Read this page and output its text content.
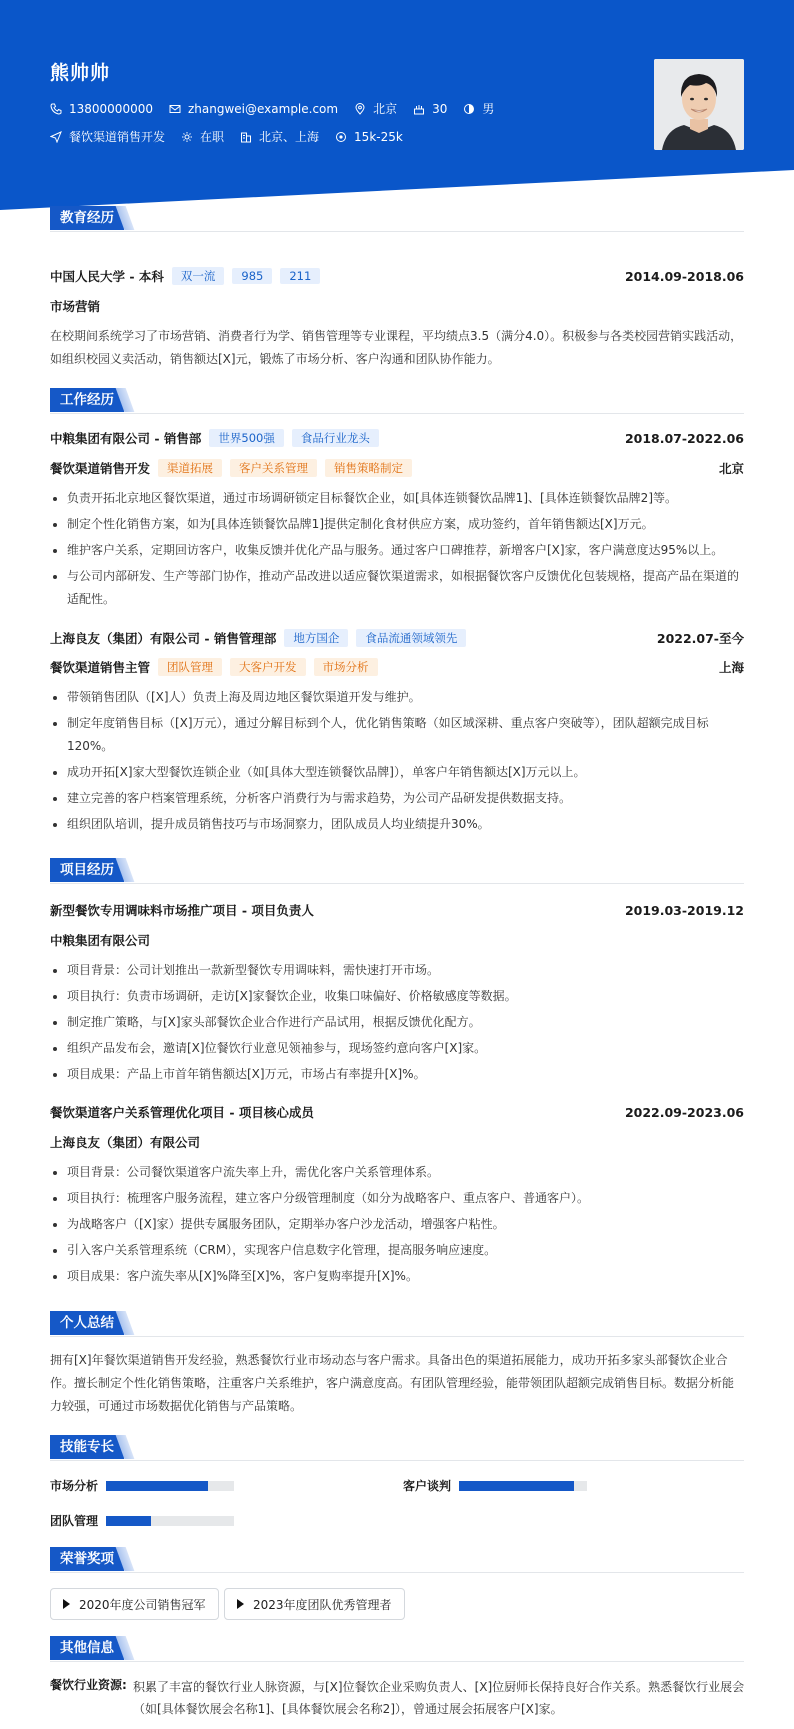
熊帅帅
13800000000	zhangwei@example.com	北京	30	男
餐饮渠道销售开发	在职	北京、上海	15k-25k
教育经历
中国人民大学 - 本科	双一流	985	211	2014.09-2018.06
市场营销
在校期间系统学习了市场营销、消费者行为学、销售管理等专业课程，平均绩点3.5（满分4.0）。积极参与各类校园营销实践活动，如组织校园义卖活动，销售额达[X]元，锻炼了市场分析、客户沟通和团队协作能力。
工作经历
中粮集团有限公司 - 销售部	世界500强	食品行业龙头	2018.07-2022.06
餐饮渠道销售开发	渠道拓展	客户关系管理	销售策略制定	北京
负责开拓北京地区餐饮渠道，通过市场调研锁定目标餐饮企业，如[具体连锁餐饮品牌1]、[具体连锁餐饮品牌2]等。
制定个性化销售方案，如为[具体连锁餐饮品牌1]提供定制化食材供应方案，成功签约，首年销售额达[X]万元。
维护客户关系，定期回访客户，收集反馈并优化产品与服务。通过客户口碑推荐，新增客户[X]家，客户满意度达95%以上。
与公司内部研发、生产等部门协作，推动产品改进以适应餐饮渠道需求，如根据餐饮客户反馈优化包装规格，提高产品在渠道的适配性。
上海良友（集团）有限公司 - 销售管理部	地方国企	食品流通领域领先	2022.07-至今
餐饮渠道销售主管	团队管理	大客户开发	市场分析	上海
带领销售团队（[X]人）负责上海及周边地区餐饮渠道开发与维护。
制定年度销售目标（[X]万元），通过分解目标到个人，优化销售策略（如区域深耕、重点客户突破等），团队超额完成目标120%。
成功开拓[X]家大型餐饮连锁企业（如[具体大型连锁餐饮品牌]），单客户年销售额达[X]万元以上。
建立完善的客户档案管理系统，分析客户消费行为与需求趋势，为公司产品研发提供数据支持。
组织团队培训，提升成员销售技巧与市场洞察力，团队成员人均业绩提升30%。
项目经历
新型餐饮专用调味料市场推广项目 - 项目负责人	2019.03-2019.12
中粮集团有限公司
项目背景：公司计划推出一款新型餐饮专用调味料，需快速打开市场。
项目执行：负责市场调研，走访[X]家餐饮企业，收集口味偏好、价格敏感度等数据。
制定推广策略，与[X]家头部餐饮企业合作进行产品试用，根据反馈优化配方。
组织产品发布会，邀请[X]位餐饮行业意见领袖参与，现场签约意向客户[X]家。
项目成果：产品上市首年销售额达[X]万元，市场占有率提升[X]%。
餐饮渠道客户关系管理优化项目 - 项目核心成员	2022.09-2023.06
上海良友（集团）有限公司
项目背景：公司餐饮渠道客户流失率上升，需优化客户关系管理体系。
项目执行：梳理客户服务流程，建立客户分级管理制度（如分为战略客户、重点客户、普通客户）。
为战略客户（[X]家）提供专属服务团队，定期举办客户沙龙活动，增强客户粘性。
引入客户关系管理系统（CRM），实现客户信息数字化管理，提高服务响应速度。
项目成果：客户流失率从[X]%降至[X]%，客户复购率提升[X]%。
个人总结
拥有[X]年餐饮渠道销售开发经验，熟悉餐饮行业市场动态与客户需求。具备出色的渠道拓展能力，成功开拓多家头部餐饮企业合作。擅长制定个性化销售策略，注重客户关系维护，客户满意度高。有团队管理经验，能带领团队超额完成销售目标。数据分析能力较强，可通过市场数据优化销售与产品策略。
技能专长
市场分析	客户谈判
团队管理
荣誉奖项
2020年度公司销售冠军	2023年度团队优秀管理者
其他信息
餐饮行业资源: 积累了丰富的餐饮行业人脉资源，与[X]位餐饮企业采购负责人、[X]位厨师长保持良好合作关系。熟悉餐饮行业展会（如[具体餐饮展会名称1]、[具体餐饮展会名称2]），曾通过展会拓展客户[X]家。
